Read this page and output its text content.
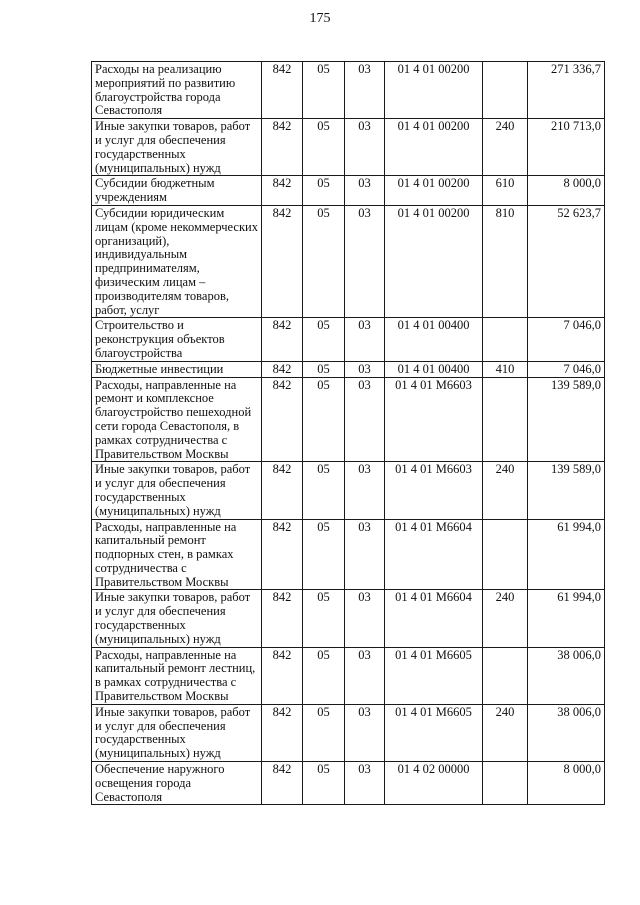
175
Расходы на реализацию мероприятий по развитию благоустройства города Севастополя	842	05	03	01 4 01 00200		271 336,7
Иные закупки товаров, работ и услуг для обеспечения государственных (муниципальных) нужд	842	05	03	01 4 01 00200	240	210 713,0
Субсидии бюджетным учреждениям	842	05	03	01 4 01 00200	610	8 000,0
Субсидии юридическим лицам (кроме некоммерческих организаций), индивидуальным предпринимателям, физическим лицам – производителям товаров, работ, услуг	842	05	03	01 4 01 00200	810	52 623,7
Строительство и реконструкция объектов благоустройства	842	05	03	01 4 01 00400		7 046,0
Бюджетные инвестиции	842	05	03	01 4 01 00400	410	7 046,0
Расходы, направленные на ремонт и комплексное благоустройство пешеходной сети города Севастополя, в рамках сотрудничества с Правительством Москвы	842	05	03	01 4 01 М6603		139 589,0
Иные закупки товаров, работ и услуг для обеспечения государственных (муниципальных) нужд	842	05	03	01 4 01 М6603	240	139 589,0
Расходы, направленные на капитальный ремонт подпорных стен, в рамках сотрудничества с Правительством Москвы	842	05	03	01 4 01 М6604		61 994,0
Иные закупки товаров, работ и услуг для обеспечения государственных (муниципальных) нужд	842	05	03	01 4 01 М6604	240	61 994,0
Расходы, направленные на капитальный ремонт лестниц, в рамках сотрудничества с Правительством Москвы	842	05	03	01 4 01 М6605		38 006,0
Иные закупки товаров, работ и услуг для обеспечения государственных (муниципальных) нужд	842	05	03	01 4 01 М6605	240	38 006,0
Обеспечение наружного освещения города Севастополя	842	05	03	01 4 02 00000		8 000,0
